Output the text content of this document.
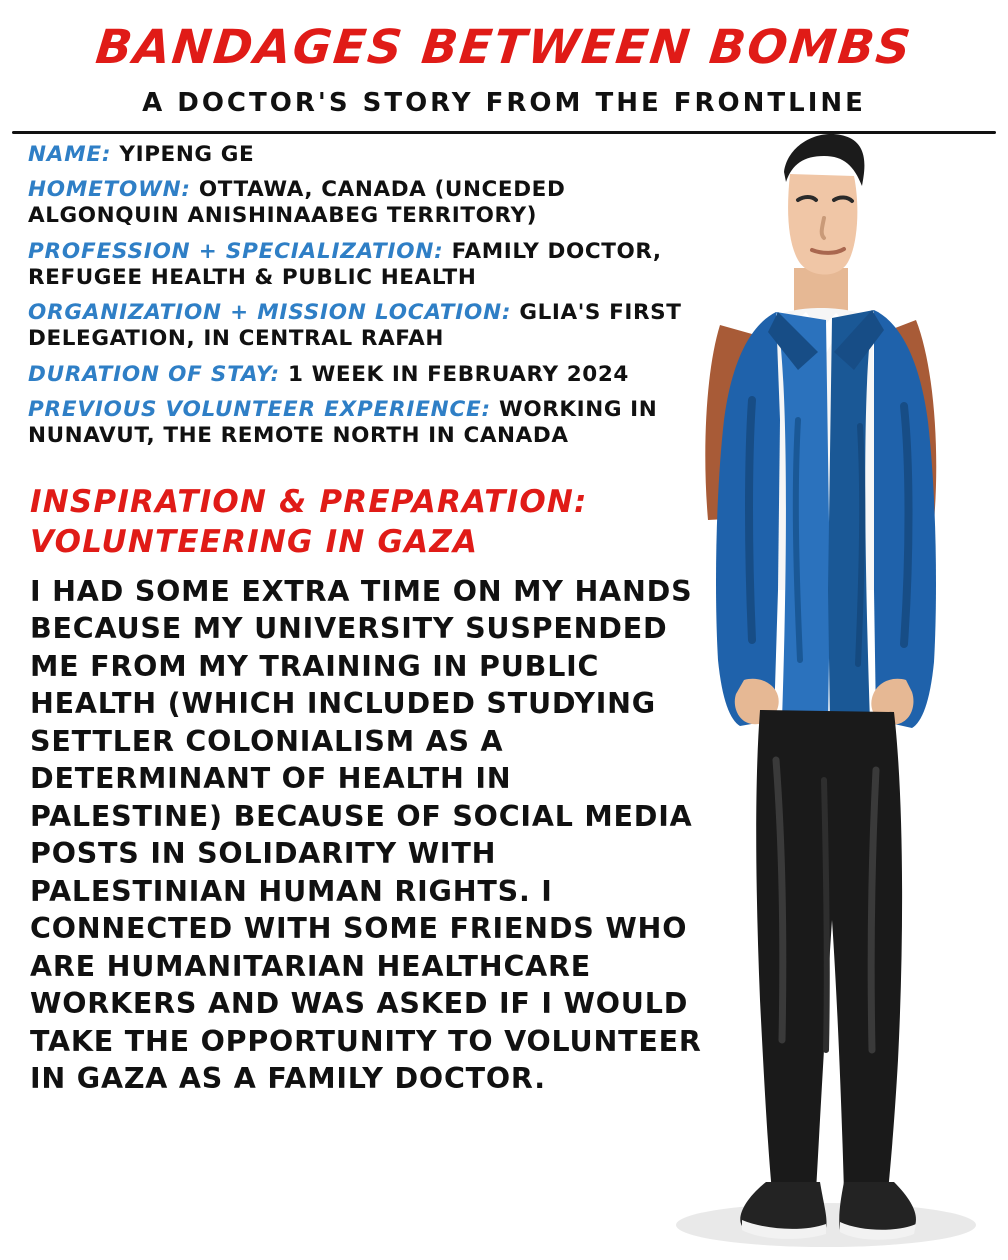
BANDAGES BETWEEN BOMBS
A DOCTOR'S STORY FROM THE FRONTLINE
NAME: YIPENG GE
HOMETOWN: OTTAWA, CANADA (UNCEDED ALGONQUIN ANISHINAABEG TERRITORY)
PROFESSION + SPECIALIZATION: FAMILY DOCTOR, REFUGEE HEALTH & PUBLIC HEALTH
ORGANIZATION + MISSION LOCATION: GLIA'S FIRST DELEGATION, IN CENTRAL RAFAH
DURATION OF STAY: 1 WEEK IN FEBRUARY 2024
PREVIOUS VOLUNTEER EXPERIENCE: WORKING IN NUNAVUT, THE REMOTE NORTH IN CANADA
INSPIRATION & PREPARATION: VOLUNTEERING IN GAZA
I HAD SOME EXTRA TIME ON MY HANDS BECAUSE MY UNIVERSITY SUSPENDED ME FROM MY TRAINING IN PUBLIC HEALTH (WHICH INCLUDED STUDYING SETTLER COLONIALISM AS A DETERMINANT OF HEALTH IN PALESTINE) BECAUSE OF SOCIAL MEDIA POSTS IN SOLIDARITY WITH PALESTINIAN HUMAN RIGHTS. I CONNECTED WITH SOME FRIENDS WHO ARE HUMANITARIAN HEALTHCARE WORKERS AND WAS ASKED IF I WOULD TAKE THE OPPORTUNITY TO VOLUNTEER IN GAZA AS A FAMILY DOCTOR.
